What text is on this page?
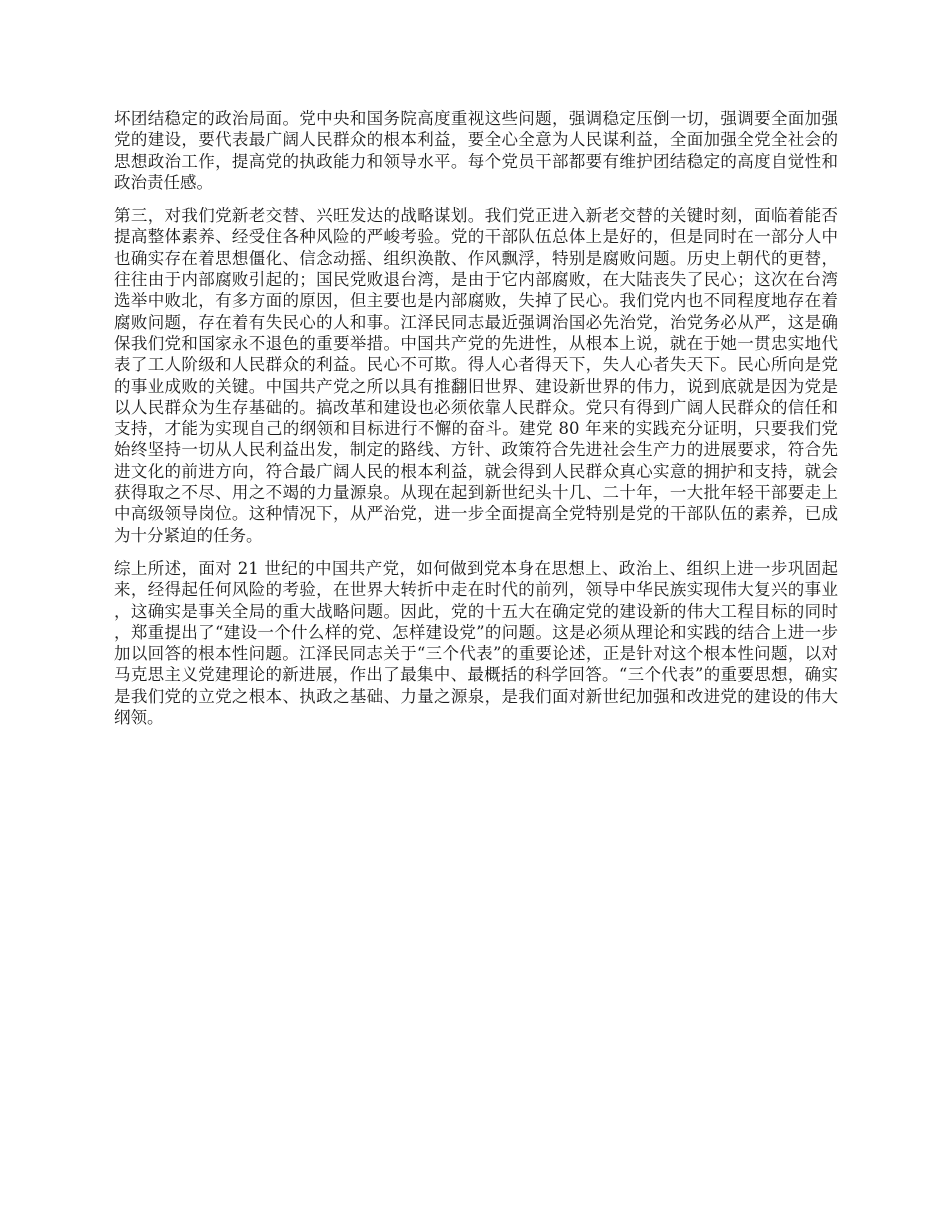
坏团结稳定的政治局面。党中央和国务院高度重视这些问题，强调稳定压倒一切，强调要全面加强党的建设，要代表最广阔人民群众的根本利益，要全心全意为人民谋利益，全面加强全党全社会的思想政治工作，提高党的执政能力和领导水平。每个党员干部都要有维护团结稳定的高度自觉性和政治责任感。

第三，对我们党新老交替、兴旺发达的战略谋划。我们党正进入新老交替的关键时刻，面临着能否提高整体素养、经受住各种风险的严峻考验。党的干部队伍总体上是好的，但是同时在一部分人中也确实存在着思想僵化、信念动摇、组织涣散、作风飘浮，特别是腐败问题。历史上朝代的更替，往往由于内部腐败引起的；国民党败退台湾，是由于它内部腐败，在大陆丧失了民心；这次在台湾选举中败北，有多方面的原因，但主要也是内部腐败，失掉了民心。我们党内也不同程度地存在着腐败问题，存在着有失民心的人和事。江泽民同志最近强调治国必先治党，治党务必从严，这是确保我们党和国家永不退色的重要举措。中国共产党的先进性，从根本上说，就在于她一贯忠实地代表了工人阶级和人民群众的利益。民心不可欺。得人心者得天下，失人心者失天下。民心所向是党的事业成败的关键。中国共产党之所以具有推翻旧世界、建设新世界的伟力，说到底就是因为党是以人民群众为生存基础的。搞改革和建设也必须依靠人民群众。党只有得到广阔人民群众的信任和支持，才能为实现自己的纲领和目标进行不懈的奋斗。建党 80 年来的实践充分证明，只要我们党始终坚持一切从人民利益出发，制定的路线、方针、政策符合先进社会生产力的进展要求，符合先进文化的前进方向，符合最广阔人民的根本利益，就会得到人民群众真心实意的拥护和支持，就会获得取之不尽、用之不竭的力量源泉。从现在起到新世纪头十几、二十年，一大批年轻干部要走上中高级领导岗位。这种情况下，从严治党，进一步全面提高全党特别是党的干部队伍的素养，已成为十分紧迫的任务。

综上所述，面对 21 世纪的中国共产党，如何做到党本身在思想上、政治上、组织上进一步巩固起来，经得起任何风险的考验，在世界大转折中走在时代的前列，领导中华民族实现伟大复兴的事业，这确实是事关全局的重大战略问题。因此，党的十五大在确定党的建设新的伟大工程目标的同时，郑重提出了“建设一个什么样的党、怎样建设党”的问题。这是必须从理论和实践的结合上进一步加以回答的根本性问题。江泽民同志关于“三个代表”的重要论述，正是针对这个根本性问题，以对马克思主义党建理论的新进展，作出了最集中、最概括的科学回答。“三个代表”的重要思想，确实是我们党的立党之根本、执政之基础、力量之源泉，是我们面对新世纪加强和改进党的建设的伟大纲领。
